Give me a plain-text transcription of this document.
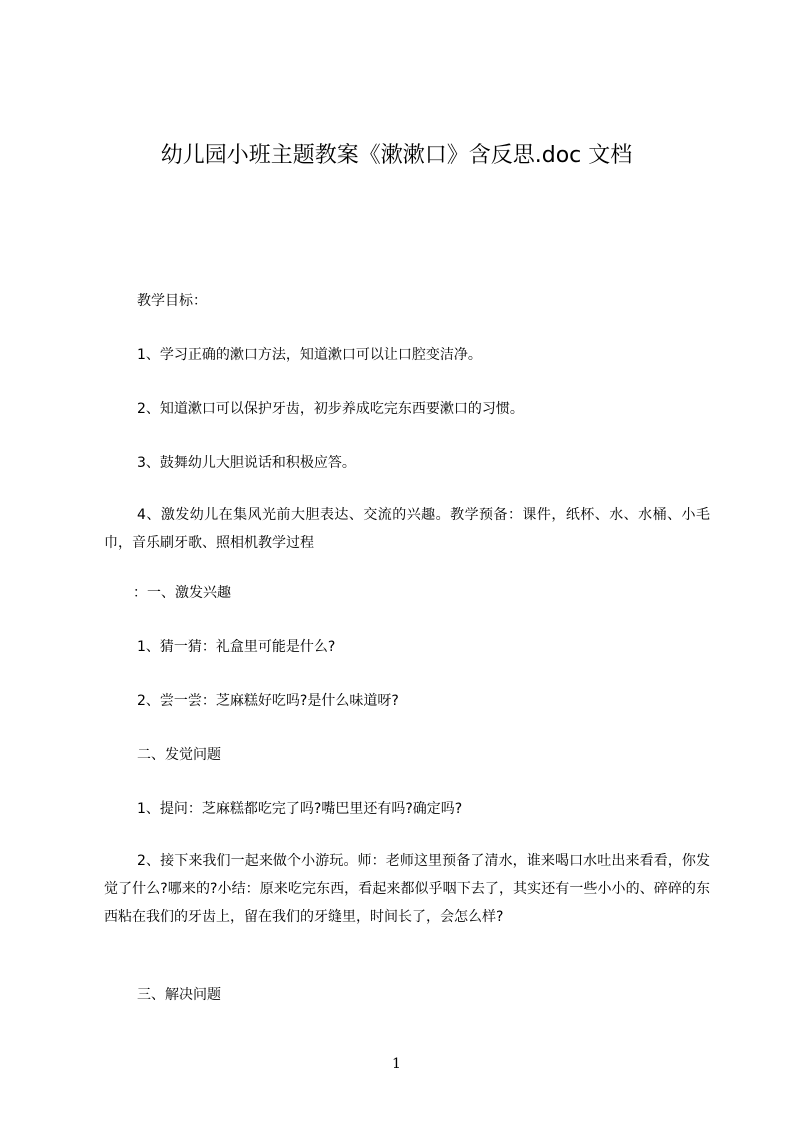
幼儿园小班主题教案《漱漱口》含反思.doc 文档
教学目标：
1、学习正确的漱口方法，知道漱口可以让口腔变洁净。
2、知道漱口可以保护牙齿，初步养成吃完东西要漱口的习惯。
3、鼓舞幼儿大胆说话和积极应答。
4、激发幼儿在集风光前大胆表达、交流的兴趣。教学预备：课件，纸杯、水、水桶、小毛巾，音乐刷牙歌、照相机教学过程
：一、激发兴趣
1、猜一猜：礼盒里可能是什么?
2、尝一尝：芝麻糕好吃吗?是什么味道呀?
二、发觉问题
1、提问：芝麻糕都吃完了吗?嘴巴里还有吗?确定吗?
2、接下来我们一起来做个小游玩。师：老师这里预备了清水，谁来喝口水吐出来看看，你发觉了什么?哪来的?小结：原来吃完东西，看起来都似乎咽下去了，其实还有一些小小的、碎碎的东西粘在我们的牙齿上，留在我们的牙缝里，时间长了，会怎么样?
三、解决问题
1
